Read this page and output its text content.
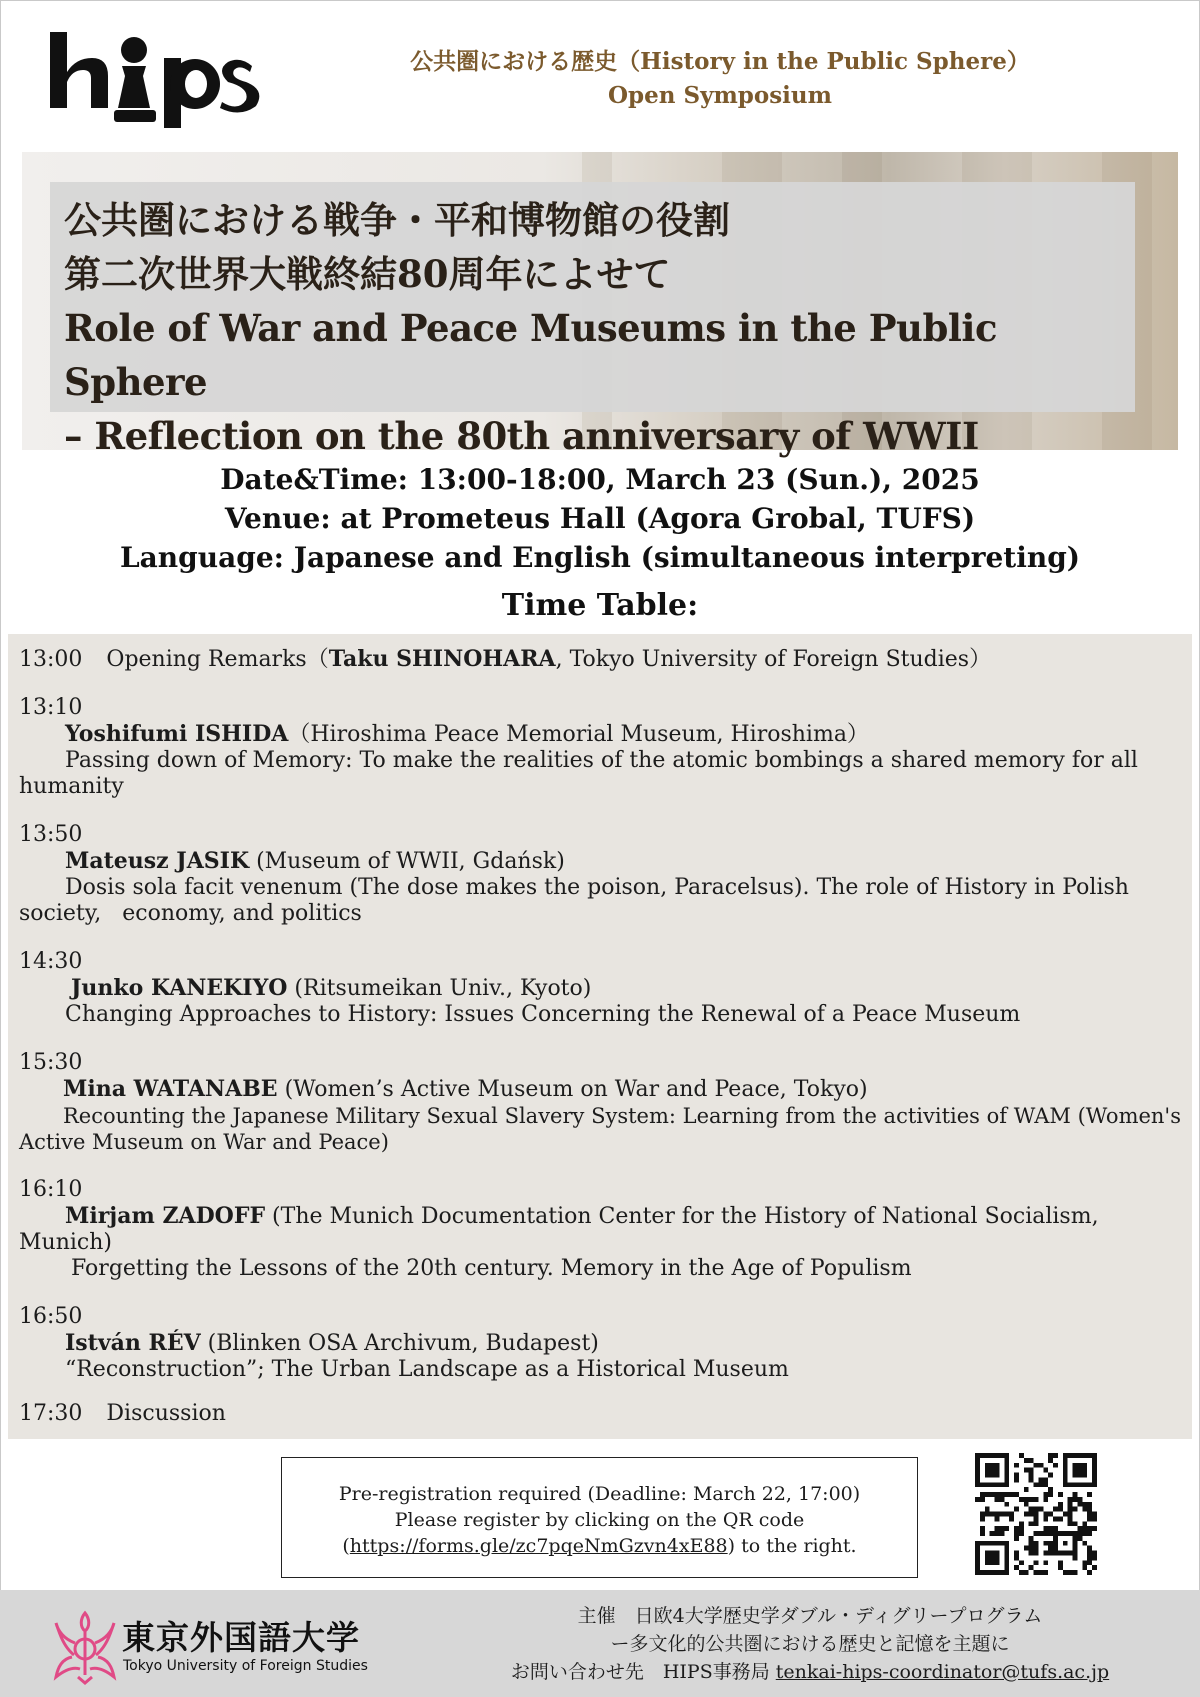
公共圏における歴史（History in the Public Sphere）
Open Symposium
公共圏における戦争・平和博物館の役割
第二次世界大戦終結80周年によせて
Role of War and Peace Museums in the Public Sphere
– Reflection on the 80th anniversary of WWII
Date&Time: 13:00-18:00, March 23 (Sun.), 2025
Venue: at Prometeus Hall (Agora Grobal, TUFS)
Language: Japanese and English (simultaneous interpreting)
Time Table:
13:00 Opening Remarks（Taku SHINOHARA, Tokyo University of Foreign Studies）
13:10
Yoshifumi ISHIDA（Hiroshima Peace Memorial Museum, Hiroshima）
Passing down of Memory: To make the realities of the atomic bombings a shared memory for all humanity
13:50
Mateusz JASIK (Museum of WWII, Gdańsk)
Dosis sola facit venenum (The dose makes the poison, Paracelsus). The role of History in Polish society,   economy, and politics
14:30
Junko KANEKIYO (Ritsumeikan Univ., Kyoto)
Changing Approaches to History: Issues Concerning the Renewal of a Peace Museum
15:30
Mina WATANABE (Women’s Active Museum on War and Peace, Tokyo)
Recounting the Japanese Military Sexual Slavery System: Learning from the activities of WAM (Women's Active Museum on War and Peace)
16:10
Mirjam ZADOFF (The Munich Documentation Center for the History of National Socialism, Munich)
Forgetting the Lessons of the 20th century. Memory in the Age of Populism
16:50
István RÉV (Blinken OSA Archivum, Budapest)
“Reconstruction”; The Urban Landscape as a Historical Museum
17:30 Discussion
Pre-registration required (Deadline: March 22, 17:00)
Please register by clicking on the QR code
(https://forms.gle/zc7pqeNmGzvn4xE88) to the right.
東京外国語大学
Tokyo University of Foreign Studies
主催　日欧4大学歴史学ダブル・ディグリープログラム
ー多文化的公共圏における歴史と記憶を主題に
お問い合わせ先　HIPS事務局 tenkai-hips-coordinator@tufs.ac.jp
